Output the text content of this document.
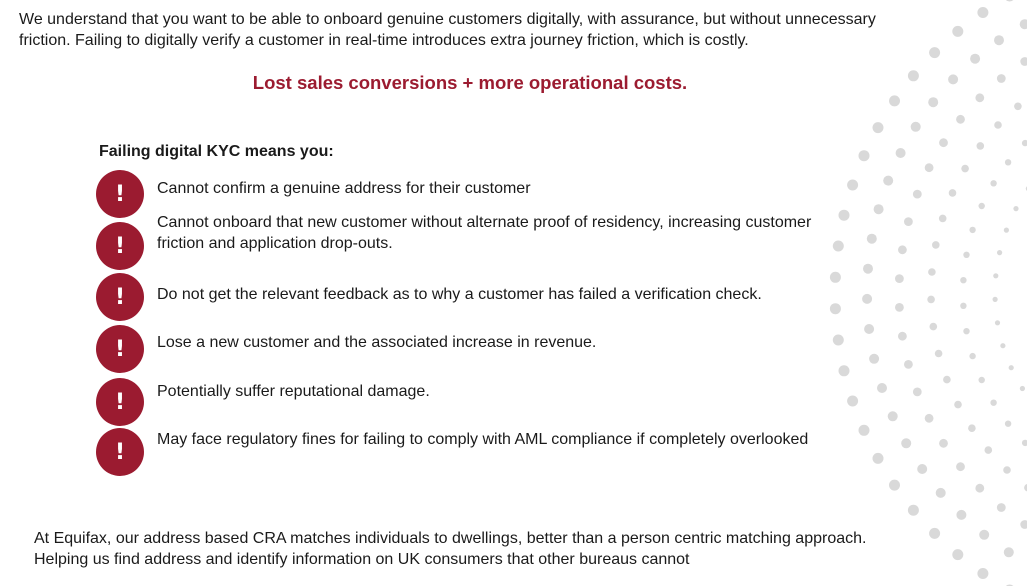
We understand that you want to be able to onboard genuine customers digitally, with assurance, but without unnecessary friction. Failing to digitally verify a customer in real-time introduces extra journey friction, which is costly.

Lost sales conversions + more operational costs.

Failing digital KYC means you:

!	Cannot confirm a genuine address for their customer

!

Cannot onboard that new customer without alternate proof of residency, increasing customer friction and application drop-outs.

!	Do not get the relevant feedback as to why a customer has failed a verification check.

!	Lose a new customer and the associated increase in revenue.

!	Potentially suffer reputational damage.

!	May face regulatory fines for failing to comply with AML compliance if completely overlooked

At Equifax, our address based CRA matches individuals to dwellings, better than a person centric matching approach. Helping us find address and identify information on UK consumers that other bureaus cannot
